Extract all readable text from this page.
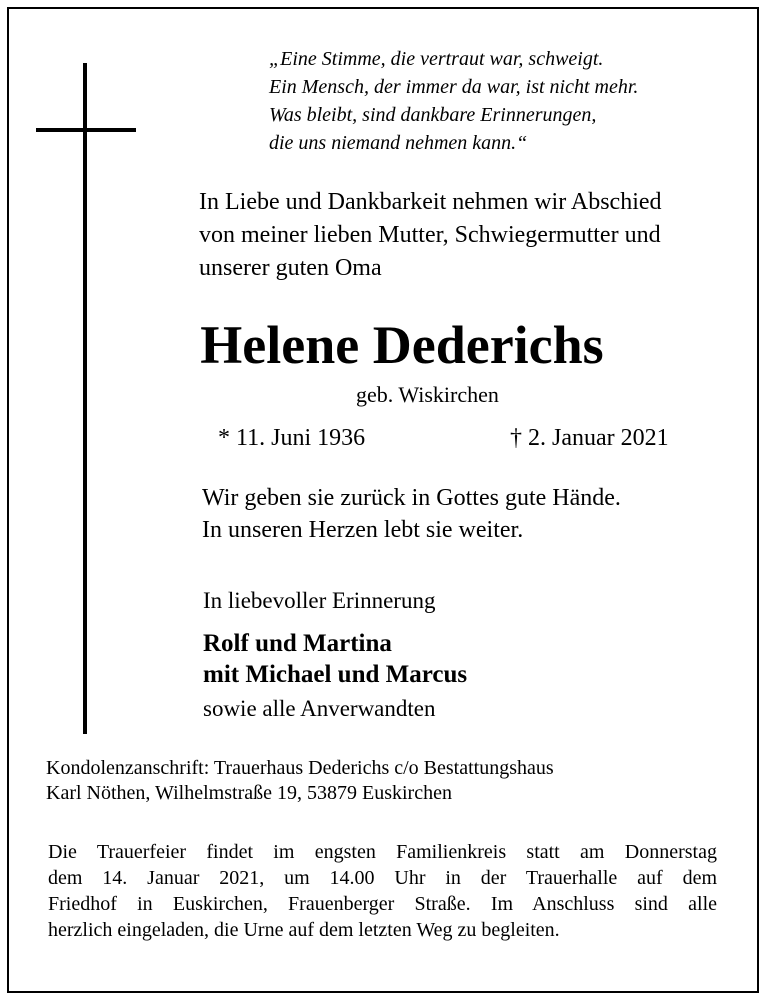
„Eine Stimme, die vertraut war, schweigt.
Ein Mensch, der immer da war, ist nicht mehr.
Was bleibt, sind dankbare Erinnerungen,
die uns niemand nehmen kann.“
In Liebe und Dankbarkeit nehmen wir Abschied
von meiner lieben Mutter, Schwiegermutter und
unserer guten Oma
Helene Dederichs
geb. Wiskirchen
* 11. Juni 1936	† 2. Januar 2021
Wir geben sie zurück in Gottes gute Hände.
In unseren Herzen lebt sie weiter.
In liebevoller Erinnerung
Rolf und Martina
mit Michael und Marcus
sowie alle Anverwandten
Kondolenzanschrift: Trauerhaus Dederichs c/o Bestattungshaus
Karl Nöthen, Wilhelmstraße 19, 53879 Euskirchen
Die Trauerfeier findet im engsten Familienkreis statt am Donnerstag
dem 14. Januar 2021, um 14.00 Uhr in der Trauerhalle auf dem
Friedhof in Euskirchen, Frauenberger Straße. Im Anschluss sind alle
herzlich eingeladen, die Urne auf dem letzten Weg zu begleiten.
